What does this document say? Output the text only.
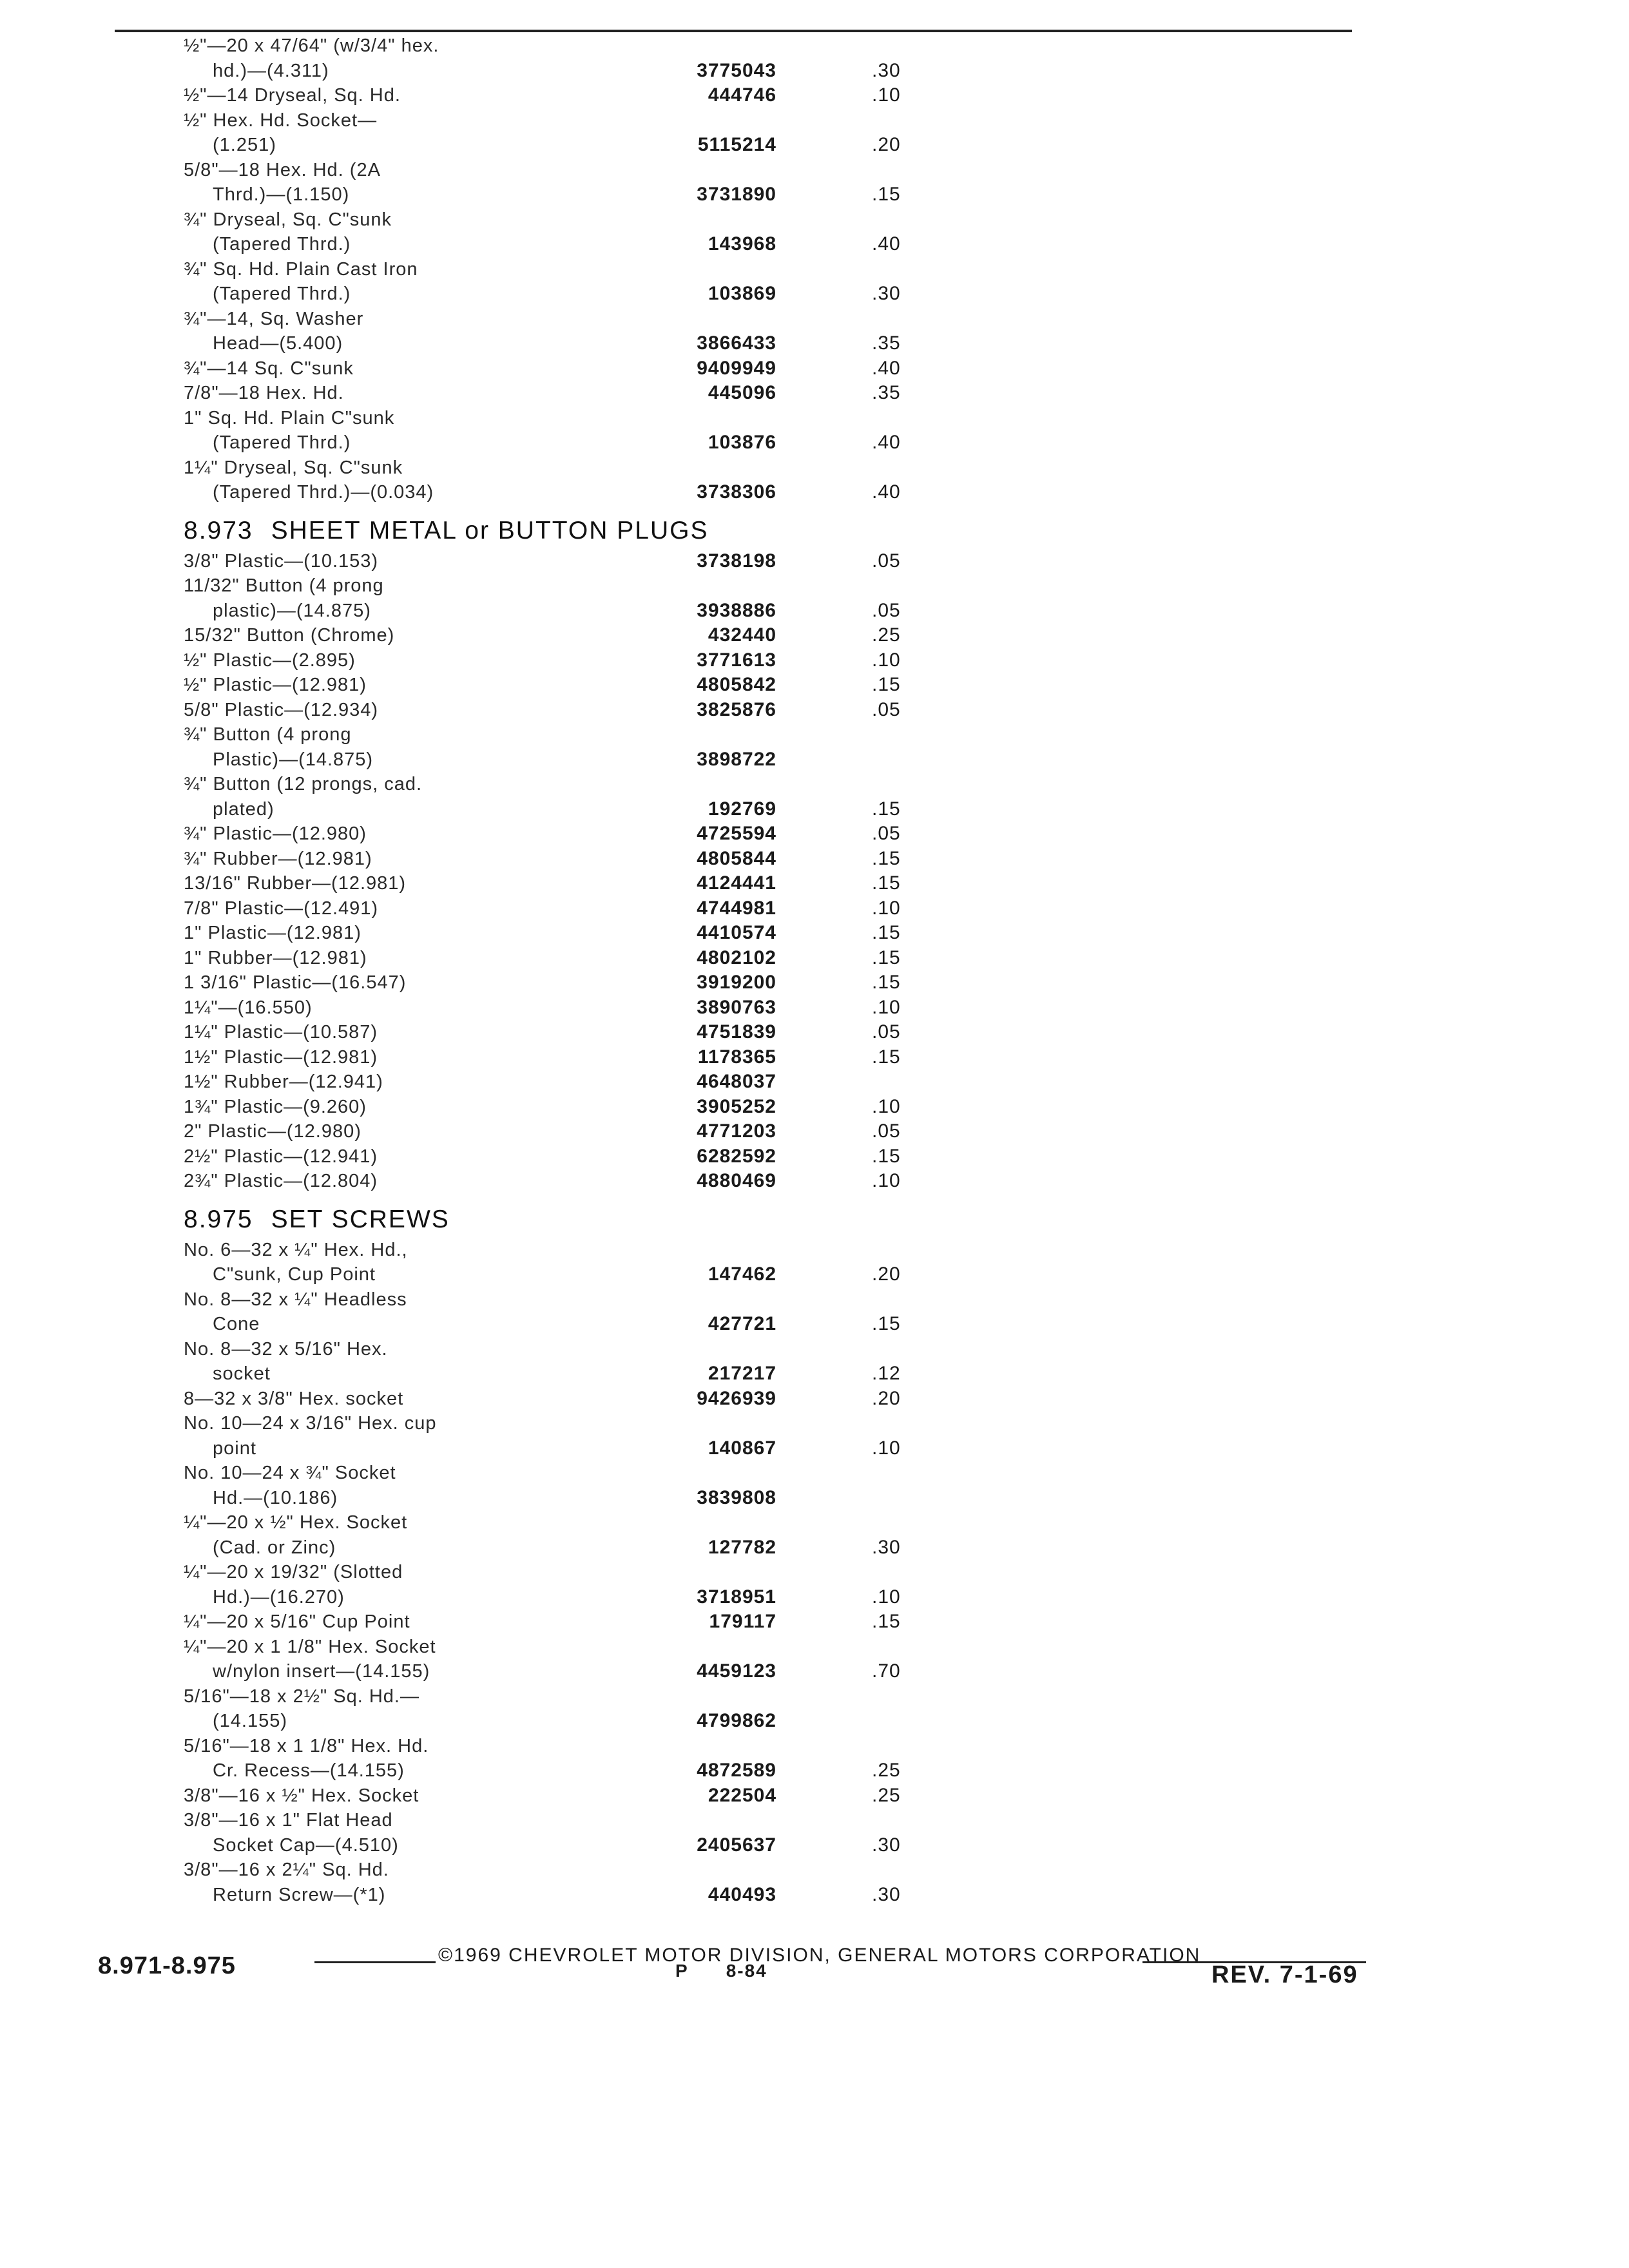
½"—20 x 47/64" (w/3/4" hex.
hd.)—(4.311)	3775043	.30
½"—14 Dryseal, Sq. Hd.	444746	.10
½" Hex. Hd. Socket—
(1.251)	5115214	.20
5/8"—18 Hex. Hd. (2A
Thrd.)—(1.150)	3731890	.15
¾" Dryseal, Sq. C"sunk
(Tapered Thrd.)	143968	.40
¾" Sq. Hd. Plain Cast Iron
(Tapered Thrd.)	103869	.30
¾"—14, Sq. Washer
Head—(5.400)	3866433	.35
¾"—14 Sq. C"sunk	9409949	.40
7/8"—18 Hex. Hd.	445096	.35
1" Sq. Hd. Plain C"sunk
(Tapered Thrd.)	103876	.40
1¼" Dryseal, Sq. C"sunk
(Tapered Thrd.)—(0.034)	3738306	.40
8.973 SHEET METAL or BUTTON PLUGS
3/8" Plastic—(10.153)	3738198	.05
11/32" Button (4 prong
plastic)—(14.875)	3938886	.05
15/32" Button (Chrome)	432440	.25
½" Plastic—(2.895)	3771613	.10
½" Plastic—(12.981)	4805842	.15
5/8" Plastic—(12.934)	3825876	.05
¾" Button (4 prong
Plastic)—(14.875)	3898722
¾" Button (12 prongs, cad.
plated)	192769	.15
¾" Plastic—(12.980)	4725594	.05
¾" Rubber—(12.981)	4805844	.15
13/16" Rubber—(12.981)	4124441	.15
7/8" Plastic—(12.491)	4744981	.10
1" Plastic—(12.981)	4410574	.15
1" Rubber—(12.981)	4802102	.15
1 3/16" Plastic—(16.547)	3919200	.15
1¼"—(16.550)	3890763	.10
1¼" Plastic—(10.587)	4751839	.05
1½" Plastic—(12.981)	1178365	.15
1½" Rubber—(12.941)	4648037
1¾" Plastic—(9.260)	3905252	.10
2" Plastic—(12.980)	4771203	.05
2½" Plastic—(12.941)	6282592	.15
2¾" Plastic—(12.804)	4880469	.10
8.975 SET SCREWS
No. 6—32 x ¼" Hex. Hd.,
C"sunk, Cup Point	147462	.20
No. 8—32 x ¼" Headless
Cone	427721	.15
No. 8—32 x 5/16" Hex.
socket	217217	.12
8—32 x 3/8" Hex. socket	9426939	.20
No. 10—24 x 3/16" Hex. cup
point	140867	.10
No. 10—24 x ¾" Socket
Hd.—(10.186)	3839808
¼"—20 x ½" Hex. Socket
(Cad. or Zinc)	127782	.30
¼"—20 x 19/32" (Slotted
Hd.)—(16.270)	3718951	.10
¼"—20 x 5/16" Cup Point	179117	.15
¼"—20 x 1 1/8" Hex. Socket
w/nylon insert—(14.155)	4459123	.70
5/16"—18 x 2½" Sq. Hd.—
(14.155)	4799862
5/16"—18 x 1 1/8" Hex. Hd.
Cr. Recess—(14.155)	4872589	.25
3/8"—16 x ½" Hex. Socket	222504	.25
3/8"—16 x 1" Flat Head
Socket Cap—(4.510)	2405637	.30
3/8"—16 x 2¼" Sq. Hd.
Return Screw—(*1)	440493	.30
©1969 CHEVROLET MOTOR DIVISION, GENERAL MOTORS CORPORATION
8.971-8.975	P 8-84	REV. 7-1-69
